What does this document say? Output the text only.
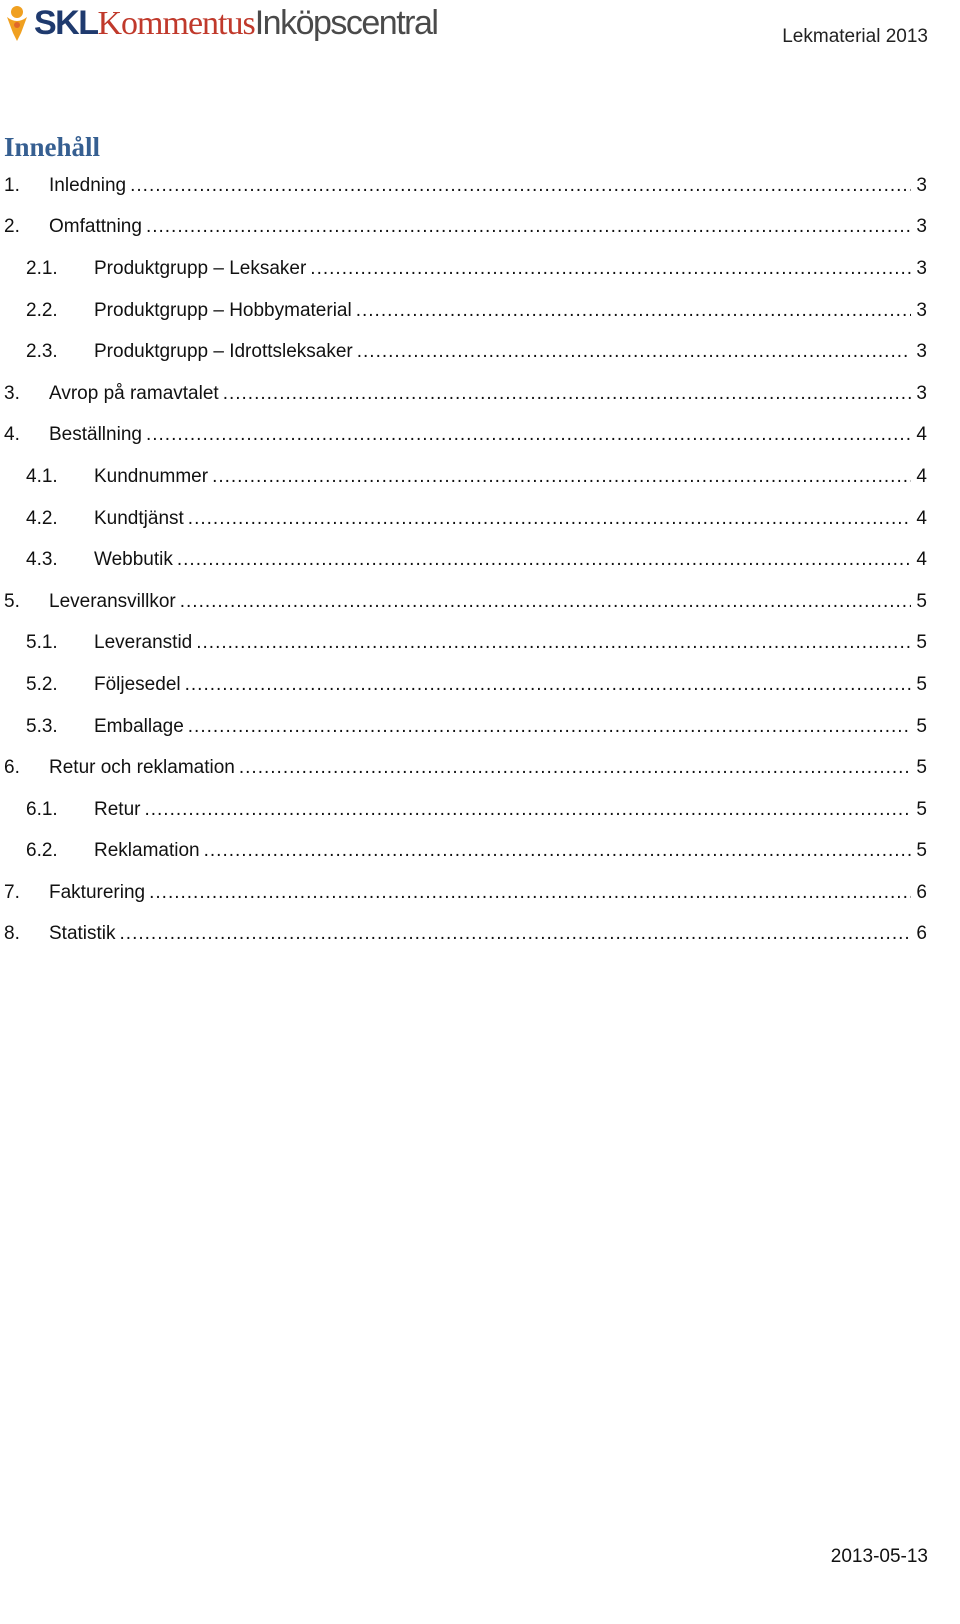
SKLKommentusInköpscentral	Lekmaterial 2013
Innehåll
1.	Inledning .....	3
2.	Omfattning .....	3
2.1.	Produktgrupp – Leksaker .....	3
2.2.	Produktgrupp – Hobbymaterial .....	3
2.3.	Produktgrupp – Idrottsleksaker .....	3
3.	Avrop på ramavtalet .....	3
4.	Beställning .....	4
4.1.	Kundnummer .....	4
4.2.	Kundtjänst .....	4
4.3.	Webbutik .....	4
5.	Leveransvillkor .....	5
5.1.	Leveranstid .....	5
5.2.	Följesedel .....	5
5.3.	Emballage .....	5
6.	Retur och reklamation .....	5
6.1.	Retur .....	5
6.2.	Reklamation .....	5
7.	Fakturering .....	6
8.	Statistik .....	6
2013-05-13
